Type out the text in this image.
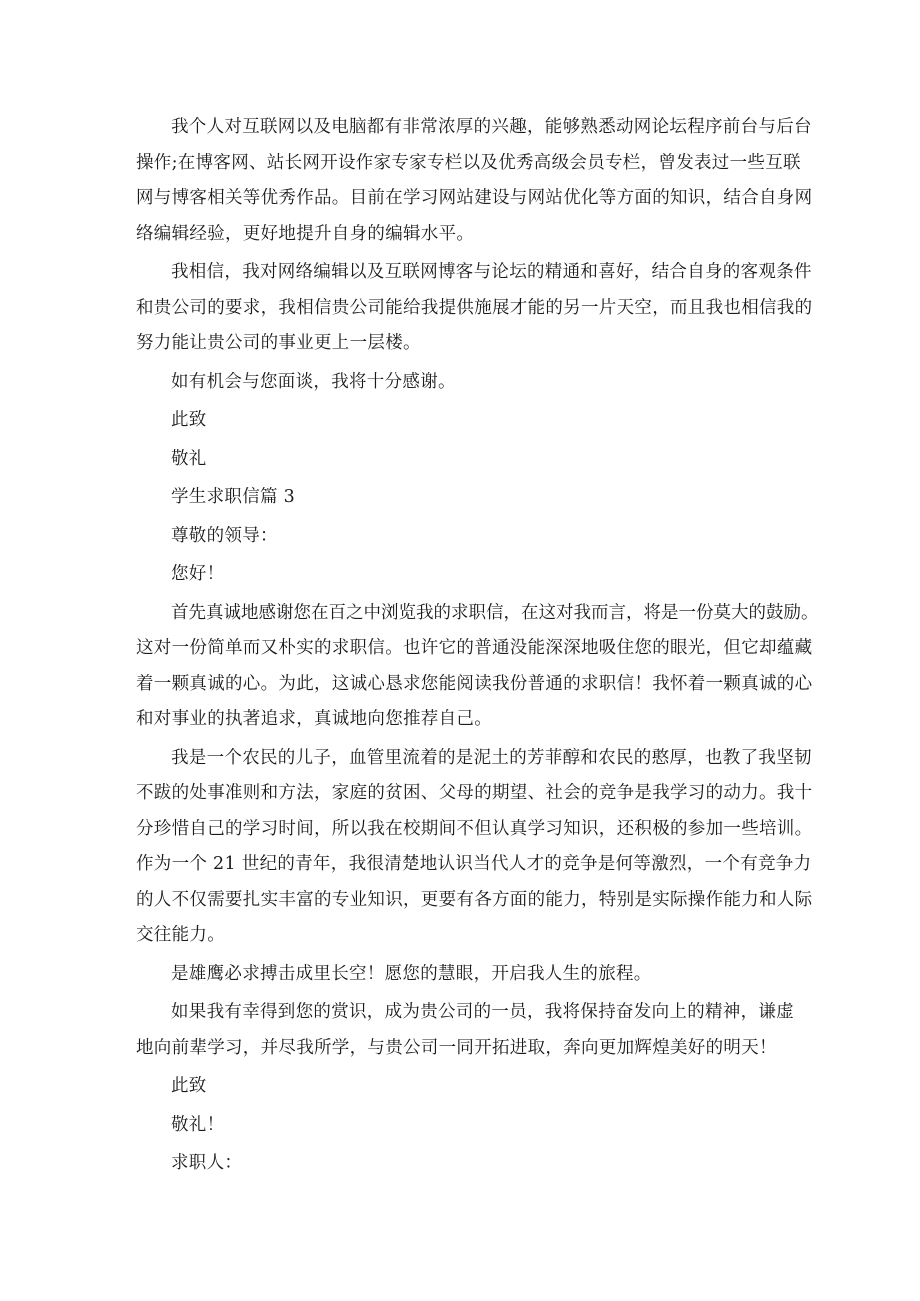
我个人对互联网以及电脑都有非常浓厚的兴趣，能够熟悉动网论坛程序前台与后台
操作;在博客网、站长网开设作家专家专栏以及优秀高级会员专栏，曾发表过一些互联
网与博客相关等优秀作品。目前在学习网站建设与网站优化等方面的知识，结合自身网
络编辑经验，更好地提升自身的编辑水平。

我相信，我对网络编辑以及互联网博客与论坛的精通和喜好，结合自身的客观条件
和贵公司的要求，我相信贵公司能给我提供施展才能的另一片天空，而且我也相信我的
努力能让贵公司的事业更上一层楼。

如有机会与您面谈，我将十分感谢。

此致

敬礼

学生求职信篇 3

尊敬的领导：

您好！

首先真诚地感谢您在百之中浏览我的求职信，在这对我而言，将是一份莫大的鼓励。
这对一份简单而又朴实的求职信。也许它的普通没能深深地吸住您的眼光，但它却蕴藏
着一颗真诚的心。为此，这诚心恳求您能阅读我份普通的求职信！我怀着一颗真诚的心
和对事业的执著追求，真诚地向您推荐自己。

我是一个农民的儿子，血管里流着的是泥土的芳菲醇和农民的憨厚，也教了我坚韧
不跋的处事准则和方法，家庭的贫困、父母的期望、社会的竞争是我学习的动力。我十
分珍惜自己的学习时间，所以我在校期间不但认真学习知识，还积极的参加一些培训。
作为一个 21 世纪的青年，我很清楚地认识当代人才的竞争是何等激烈，一个有竞争力
的人不仅需要扎实丰富的专业知识，更要有各方面的能力，特别是实际操作能力和人际
交往能力。

是雄鹰必求搏击成里长空！愿您的慧眼，开启我人生的旅程。

如果我有幸得到您的赏识，成为贵公司的一员，我将保持奋发向上的精神，谦虚
地向前辈学习，并尽我所学，与贵公司一同开拓进取，奔向更加辉煌美好的明天！

此致

敬礼！

求职人：
